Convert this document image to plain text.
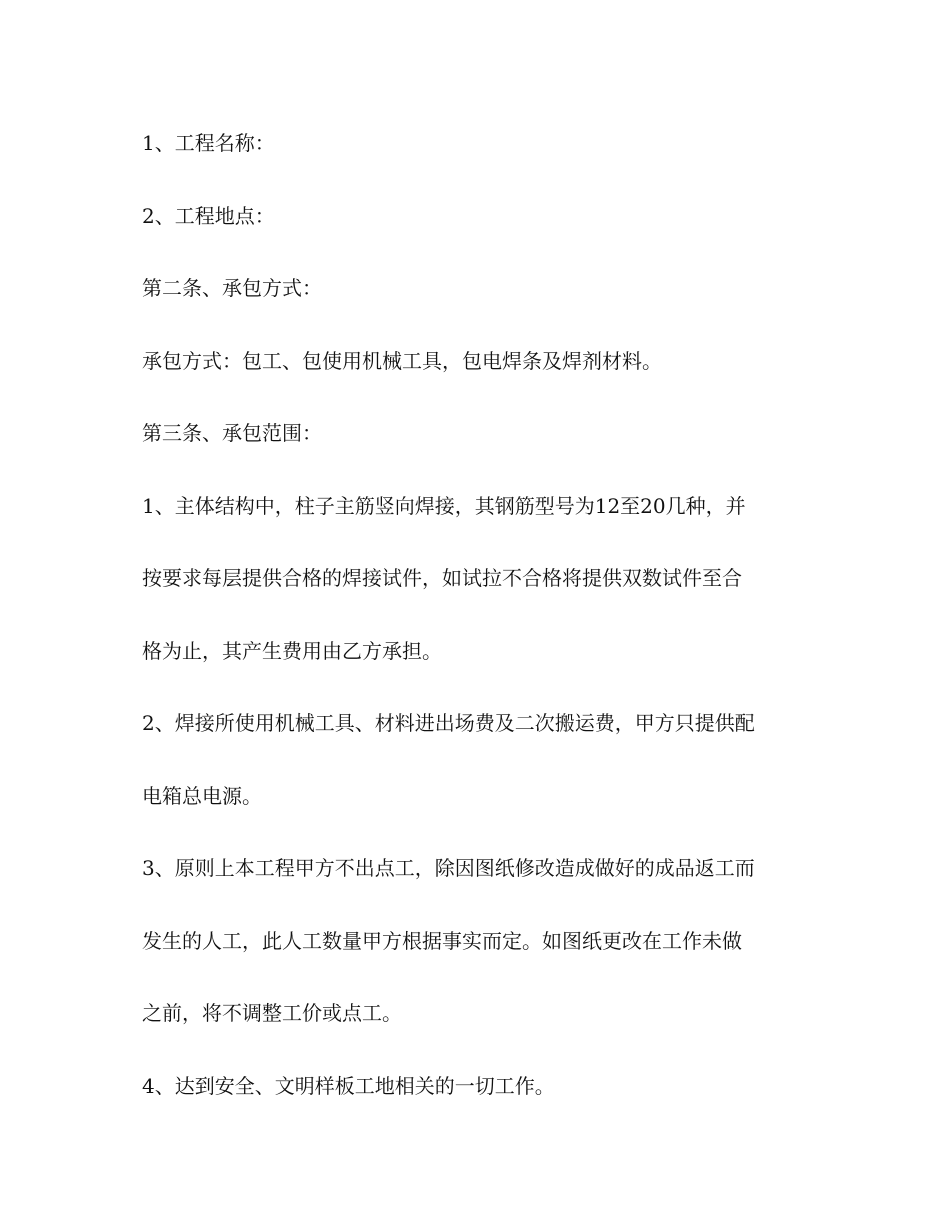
1、工程名称：
2、工程地点：
第二条、承包方式：
承包方式：包工、包使用机械工具，包电焊条及焊剂材料。
第三条、承包范围：
1、主体结构中，柱子主筋竖向焊接，其钢筋型号为12至20几种，并
按要求每层提供合格的焊接试件，如试拉不合格将提供双数试件至合
格为止，其产生费用由乙方承担。
2、焊接所使用机械工具、材料进出场费及二次搬运费，甲方只提供配
电箱总电源。
3、原则上本工程甲方不出点工，除因图纸修改造成做好的成品返工而
发生的人工，此人工数量甲方根据事实而定。如图纸更改在工作未做
之前，将不调整工价或点工。
4、达到安全、文明样板工地相关的一切工作。
